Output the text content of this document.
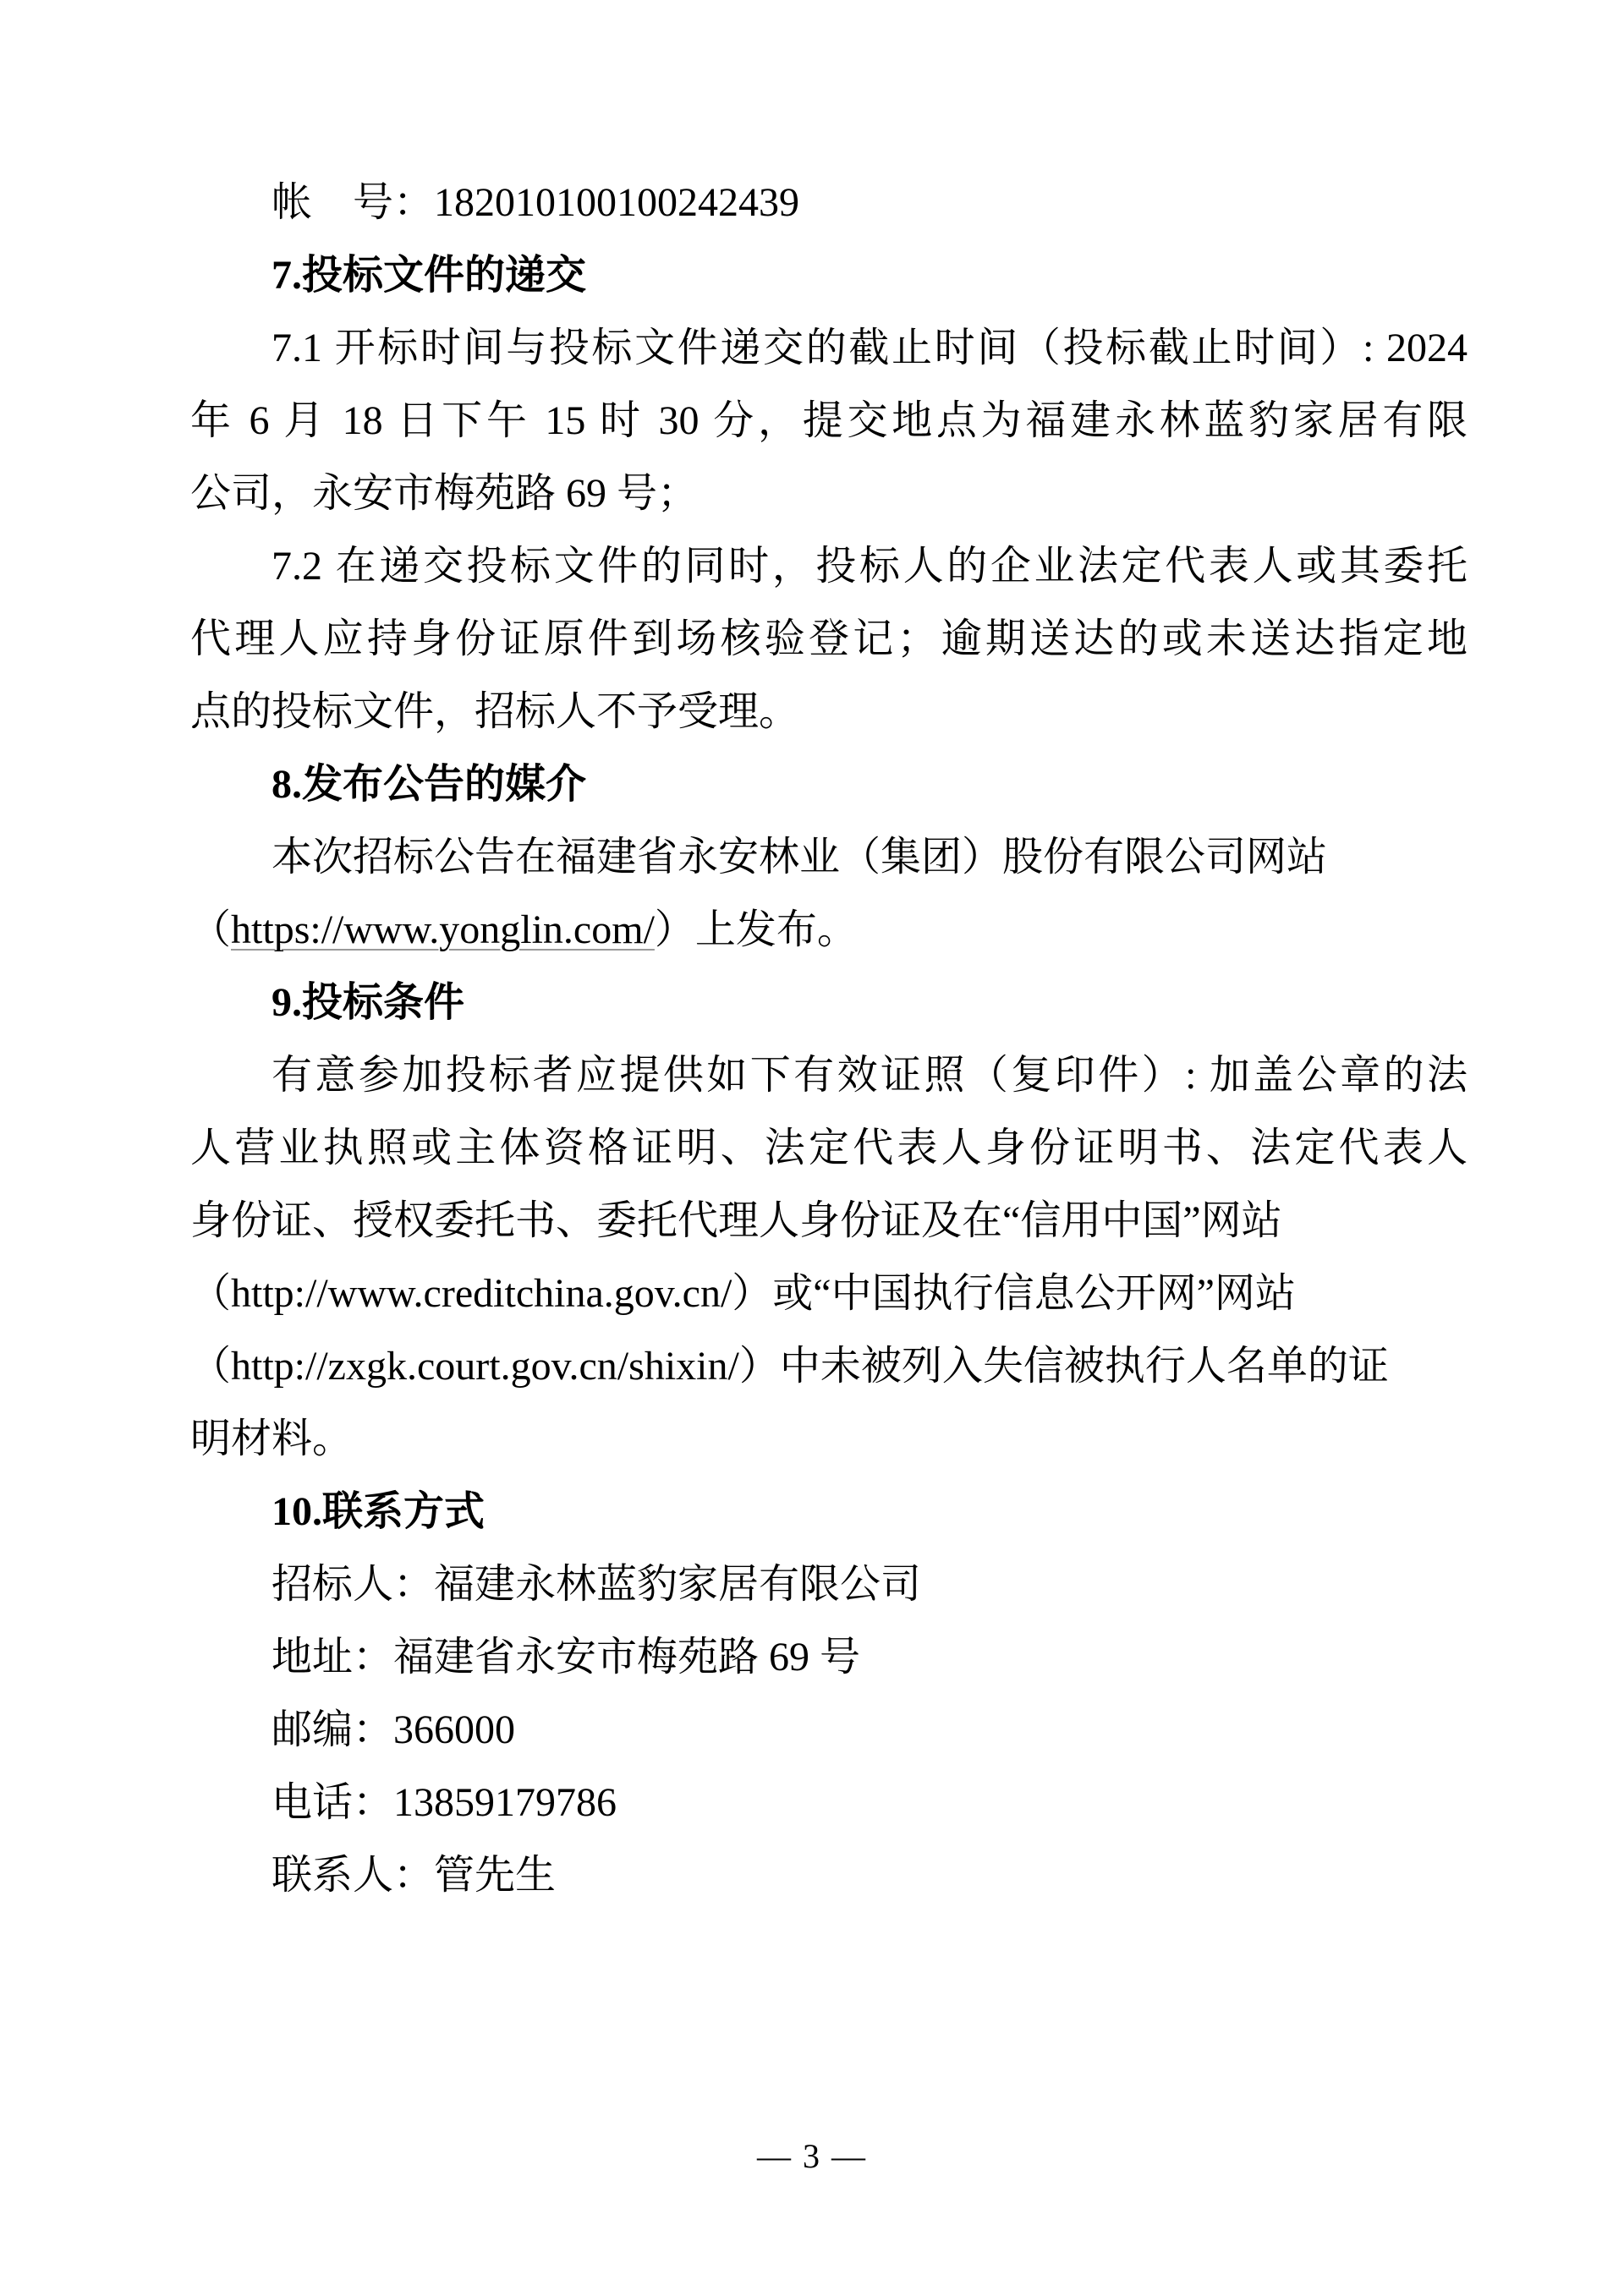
帐　号：182010100100242439
7.投标文件的递交
7.1 开标时间与投标文件递交的截止时间（投标截止时间）: 2024
年 6 月 18 日下午 15 时 30 分，提交地点为福建永林蓝豹家居有限
公司，永安市梅苑路 69 号；
7.2 在递交投标文件的同时，投标人的企业法定代表人或其委托
代理人应持身份证原件到场核验登记；逾期送达的或未送达指定地
点的投标文件，招标人不予受理。
8.发布公告的媒介
本次招标公告在福建省永安林业（集团）股份有限公司网站
（https://www.yonglin.com/）上发布。
9.投标条件
有意参加投标者应提供如下有效证照（复印件）: 加盖公章的法
人营业执照或主体资格证明、法定代表人身份证明书、法定代表人
身份证、授权委托书、委托代理人身份证及在“信用中国”网站
（http://www.creditchina.gov.cn/）或“中国执行信息公开网”网站
（http://zxgk.court.gov.cn/shixin/）中未被列入失信被执行人名单的证
明材料。
10.联系方式
招标人：福建永林蓝豹家居有限公司
地址：福建省永安市梅苑路 69 号
邮编：366000
电话：13859179786
联系人：管先生
— 3 —
